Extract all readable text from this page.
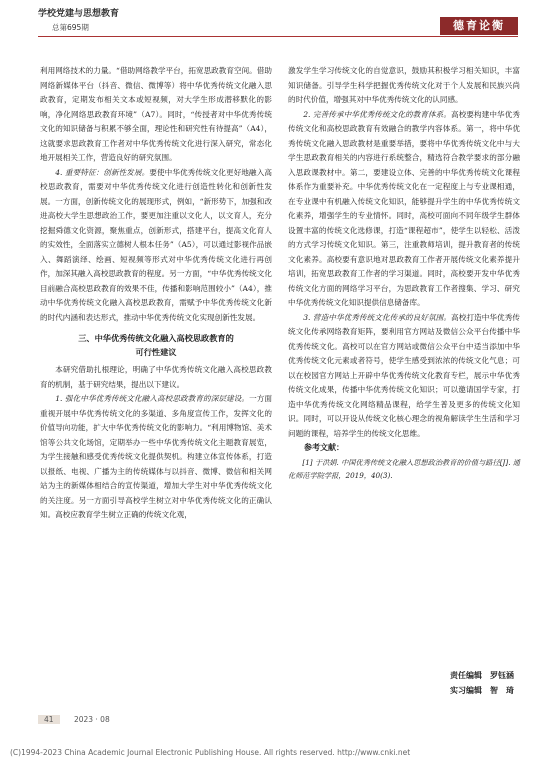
学校党建与思想教育
总第695期	德育论衡

利用网络技术的力量。“借助网络教学平台，拓宽思政教育空间。借助网络新媒体平台（抖音、微信、微博等）将中华优秀传统文化融入思政教育，定期发布相关文本或短视频，对大学生形成潜移默化的影响，净化网络思政教育环境”（A7）。同时，“传授者对中华优秀传统文化的知识储备与积累不够全面，理论性和研究性有待提高”（A4），这就要求思政教育工作者对中华优秀传统文化进行深入研究，常态化地开展相关工作，营造良好的研究氛围。

4. 重要特征：创新性发展。要使中华优秀传统文化更好地融入高校思政教育，需要对中华优秀传统文化进行创造性转化和创新性发展。一方面，创新传统文化的展现形式，例如，“新形势下，加强和改进高校大学生思想政治工作，要更加注重以文化人，以文育人，充分挖掘舜德文化资源，聚焦重点，创新形式，搭建平台，提高文化育人的实效性，全面落实立德树人根本任务”（A5），可以通过影视作品嵌入、舞蹈演绎、绘画、短视频等形式对中华优秀传统文化进行再创作，加深其融入高校思政教育的程度。另一方面，“中华优秀传统文化目前融合高校思政教育的效果不佳，传播和影响范围较小”（A4），推动中华优秀传统文化融入高校思政教育，需赋予中华优秀传统文化新的时代内涵和表达形式，推动中华优秀传统文化实现创新性发展。

三、中华优秀传统文化融入高校思政教育的
可行性建议

本研究借助扎根理论，明确了中华优秀传统文化融入高校思政教育的机制，基于研究结果，提出以下建议。

1. 强化中华优秀传统文化融入高校思政教育的深层建设。一方面重视开展中华优秀传统文化的多渠道、多角度宣传工作，发挥文化的价值导向功能，扩大中华优秀传统文化的影响力。“利用博物馆、美术馆等公共文化场馆，定期举办一些中华优秀传统文化主题教育展览，为学生接触和感受优秀传统文化提供契机。构建立体宣传体系，打造以报纸、电视、广播为主的传统媒体与以抖音、微博、微信和相关网站为主的新媒体相结合的宣传渠道，增加大学生对中华优秀传统文化的关注度。另一方面引导高校学生树立对中华优秀传统文化的正确认知。高校应教育学生树立正确的传统文化观，

激发学生学习传统文化的自觉意识，鼓励其积极学习相关知识，丰富知识储备。引导学生科学把握优秀传统文化对于个人发展和民族兴尚的时代价值，增强其对中华优秀传统文化的认同感。

2. 完善传承中华优秀传统文化的教育体系。高校要构建中华优秀传统文化和高校思政教育有效融合的教学内容体系。第一，将中华优秀传统文化融入思政教材是重要举措，要将中华优秀传统文化中与大学生思政教育相关的内容进行系统整合，精选符合教学要求的部分融入思政课教材中。第二，要建设立体、完善的中华优秀传统文化课程体系作为重要补充。中华优秀传统文化在一定程度上与专业课相通，在专业课中有机融入传统文化知识，能够提升学生的中华优秀传统文化素养，增强学生的专业情怀。同时，高校可面向不同年级学生群体设置丰富的传统文化选修课，打造“课程超市”，使学生以轻松、活泼的方式学习传统文化知识。第三，注重教师培训，提升教育者的传统文化素养。高校要有意识地对思政教育工作者开展传统文化素养提升培训，拓宽思政教育工作者的学习渠道。同时，高校要开发中华优秀传统文化方面的网络学习平台，为思政教育工作者搜集、学习、研究中华优秀传统文化知识提供信息储备库。

3. 营造中华优秀传统文化传承的良好氛围。高校打造中华优秀传统文化传承网络教育矩阵，要利用官方网站及微信公众平台传播中华优秀传统文化。高校可以在官方网站或微信公众平台中适当添加中华优秀传统文化元素或者符号，使学生感受到浓浓的传统文化气息；可以在校园官方网站上开辟中华优秀传统文化教育专栏，展示中华优秀传统文化成果，传播中华优秀传统文化知识；可以邀请国学专家，打造中华优秀传统文化网络精品课程，给学生普及更多的传统文化知识。同时，可以开设从传统文化核心理念的视角解读学生生活和学习问题的课程，培养学生的传统文化思维。

参考文献：

[1] 于洪娟. 中国优秀传统文化融入思想政治教育的价值与路径[J]. 通化师范学院学报，2019，40(3).

责任编辑　罗钰涵
实习编辑　智　琦
41	2023 · 08
(C)1994-2023 China Academic Journal Electronic Publishing House. All rights reserved. http://www.cnki.net
